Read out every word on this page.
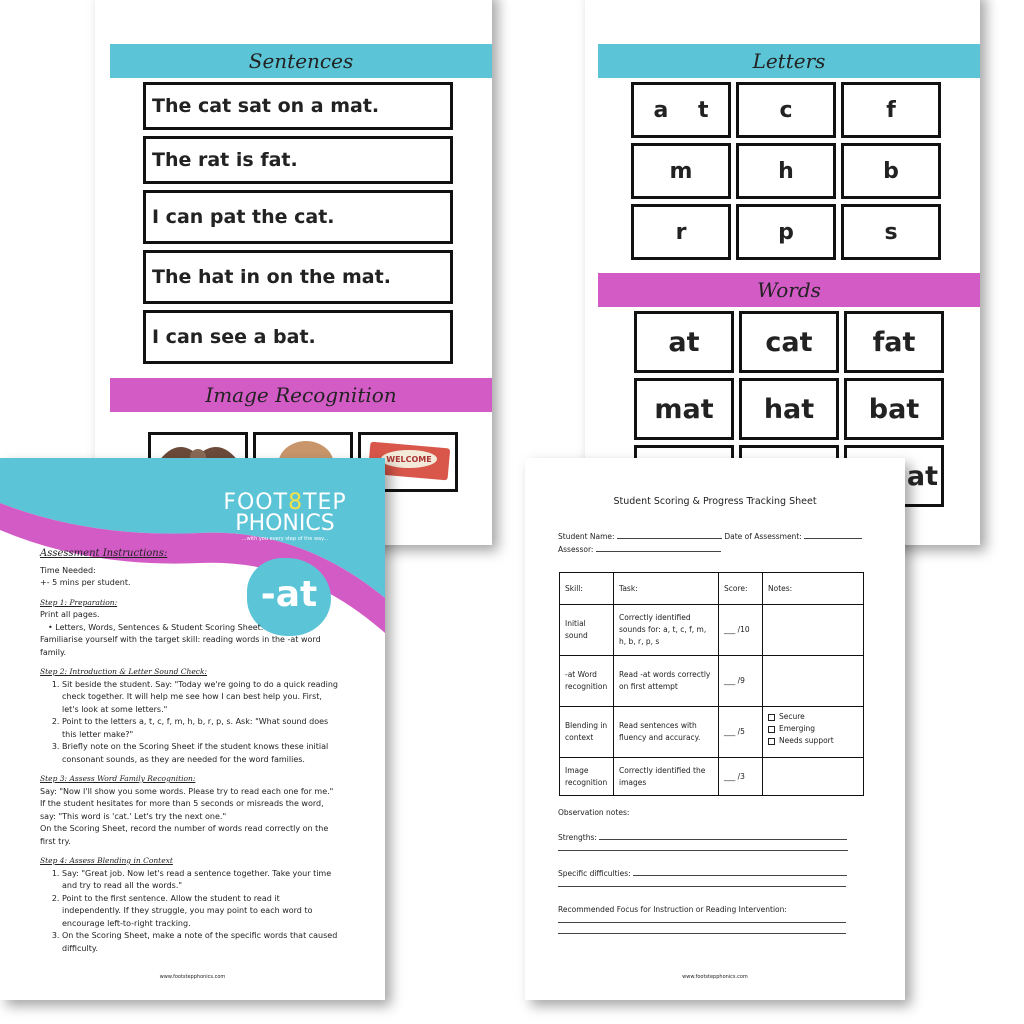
Sentences
The cat sat on a mat.
The rat is fat.
I can pat the cat.
The hat in on the mat.
I can see a bat.
Image Recognition
WELCOME
Letters
a t	c	f
m	h	b
r	p	s
Words
at cat fat
mat hat bat
at
FOOT8TEP
PHONICS
...with you every step of the way...
-at
Assessment Instructions:
Time Needed:
+- 5 mins per student.
Step 1: Preparation:
Print all pages.
• Letters, Words, Sentences & Student Scoring Sheet.
Familiarise yourself with the target skill: reading words in the -at word family.
Step 2: Introduction & Letter Sound Check:
1. Sit beside the student. Say: "Today we're going to do a quick reading check together. It will help me see how I can best help you. First, let's look at some letters."
2. Point to the letters a, t, c, f, m, h, b, r, p, s. Ask: "What sound does this letter make?"
3. Briefly note on the Scoring Sheet if the student knows these initial consonant sounds, as they are needed for the word families.
Step 3: Assess Word Family Recognition:
Say: "Now I'll show you some words. Please try to read each one for me."
If the student hesitates for more than 5 seconds or misreads the word, say: "This word is 'cat.' Let's try the next one."
On the Scoring Sheet, record the number of words read correctly on the first try.
Step 4: Assess Blending in Context
1. Say: "Great job. Now let's read a sentence together. Take your time and try to read all the words."
2. Point to the first sentence. Allow the student to read it independently. If they struggle, you may point to each word to encourage left-to-right tracking.
3. On the Scoring Sheet, make a note of the specific words that caused difficulty.
www.footstepphonics.com
Student Scoring & Progress Tracking Sheet
Student Name:	Date of Assessment:
Assessor:
Skill:	Task:	Score:	Notes:
Initial sound	Correctly identified sounds for: a, t, c, f, m, h, b, r, p, s	___ /10	
-at Word recognition	Read -at words correctly on first attempt	___ /9	
Blending in context	Read sentences with fluency and accuracy.	___ /5	Secure
Emerging
Needs support

Image recognition	Correctly identified the images	___ /3	
Observation notes:
Strengths:
Specific difficulties:
Recommended Focus for Instruction or Reading Intervention:

www.footstepphonics.com
